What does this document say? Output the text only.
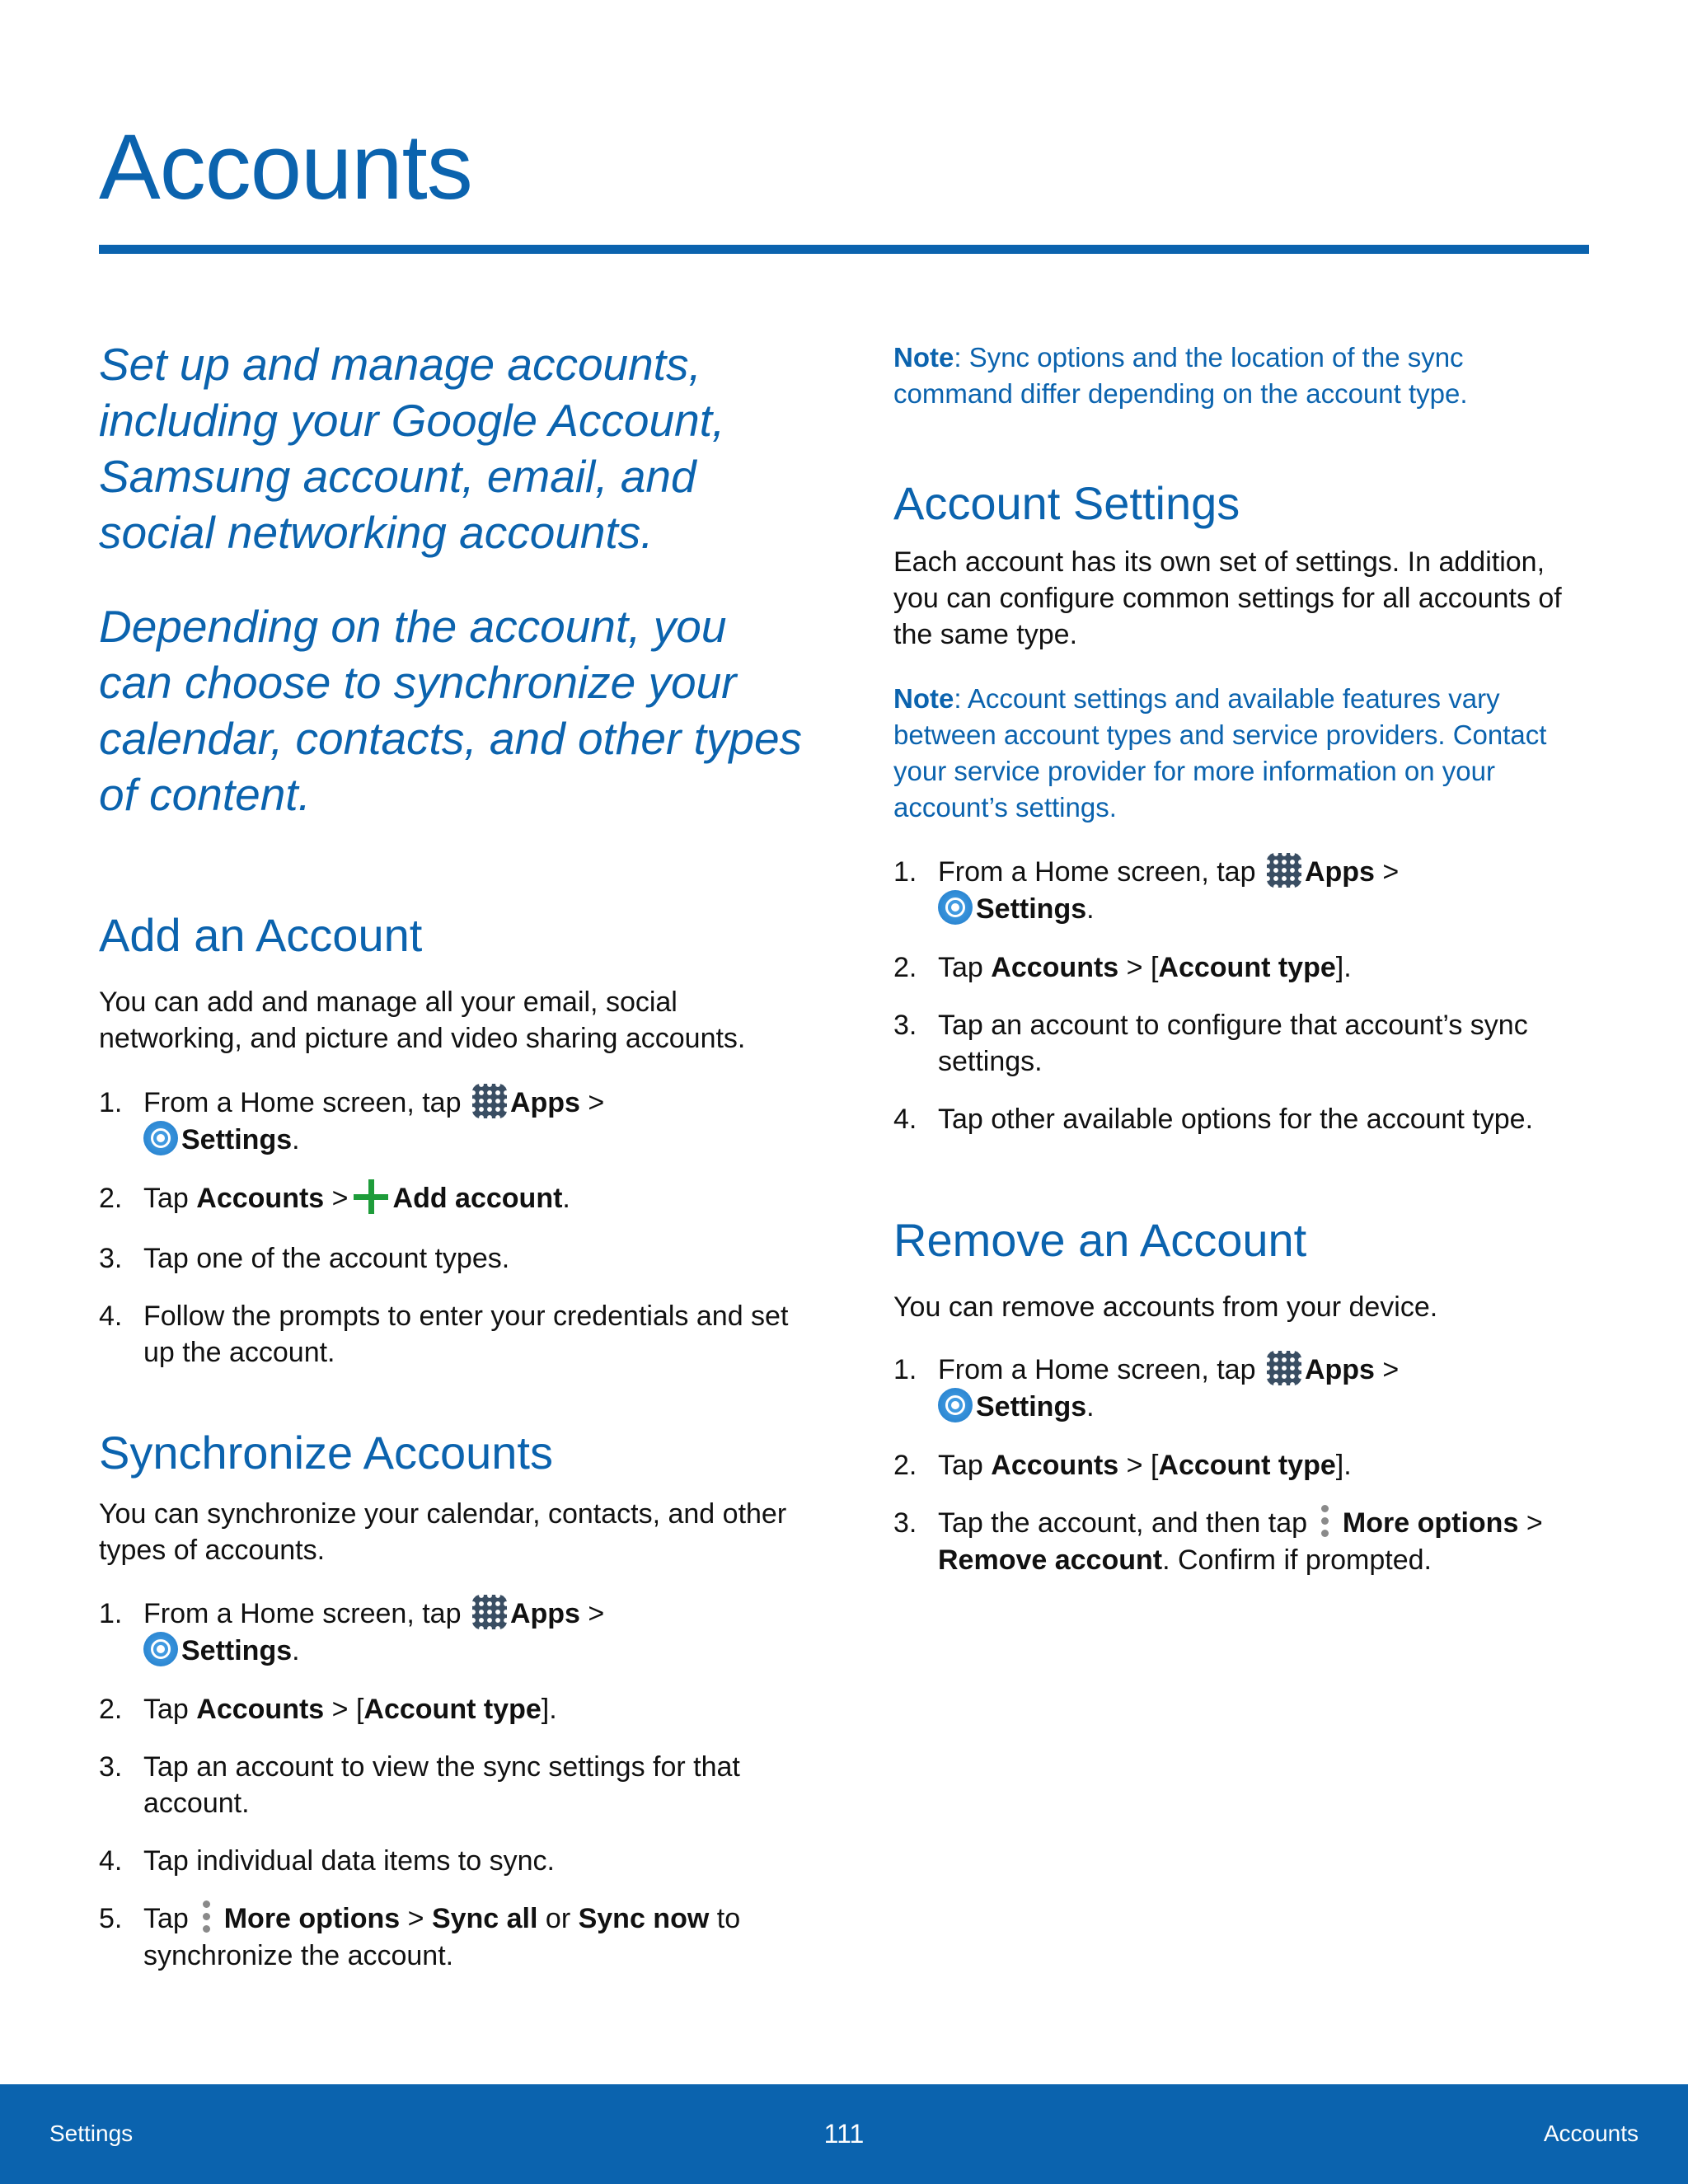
Accounts

Set up and manage accounts, including your Google Account, Samsung account, email, and social networking accounts.

Depending on the account, you can choose to synchronize your calendar, contacts, and other types of content.

Add an Account

You can add and manage all your email, social networking, and picture and video sharing accounts.

1. From a Home screen, tap Apps >
Settings.
2. Tap Accounts > Add account.
3. Tap one of the account types.
4. Follow the prompts to enter your credentials and set up the account.
Synchronize Accounts

You can synchronize your calendar, contacts, and other types of accounts.

1. From a Home screen, tap Apps >
Settings.
2. Tap Accounts > [Account type].
3. Tap an account to view the sync settings for that account.
4. Tap individual data items to sync.
5. Tap More options > Sync all or Sync now to synchronize the account.

Note: Sync options and the location of the sync command differ depending on the account type.

Account Settings

Each account has its own set of settings. In addition, you can configure common settings for all accounts of the same type.

Note: Account settings and available features vary between account types and service providers. Contact your service provider for more information on your account’s settings.

1. From a Home screen, tap Apps >
Settings.
2. Tap Accounts > [Account type].
3. Tap an account to configure that account’s sync settings.
4. Tap other available options for the account type.
Remove an Account

You can remove accounts from your device.

1. From a Home screen, tap Apps >
Settings.
2. Tap Accounts > [Account type].
3. Tap the account, and then tap More options >
Remove account. Confirm if prompted.
Settings	111	Accounts
